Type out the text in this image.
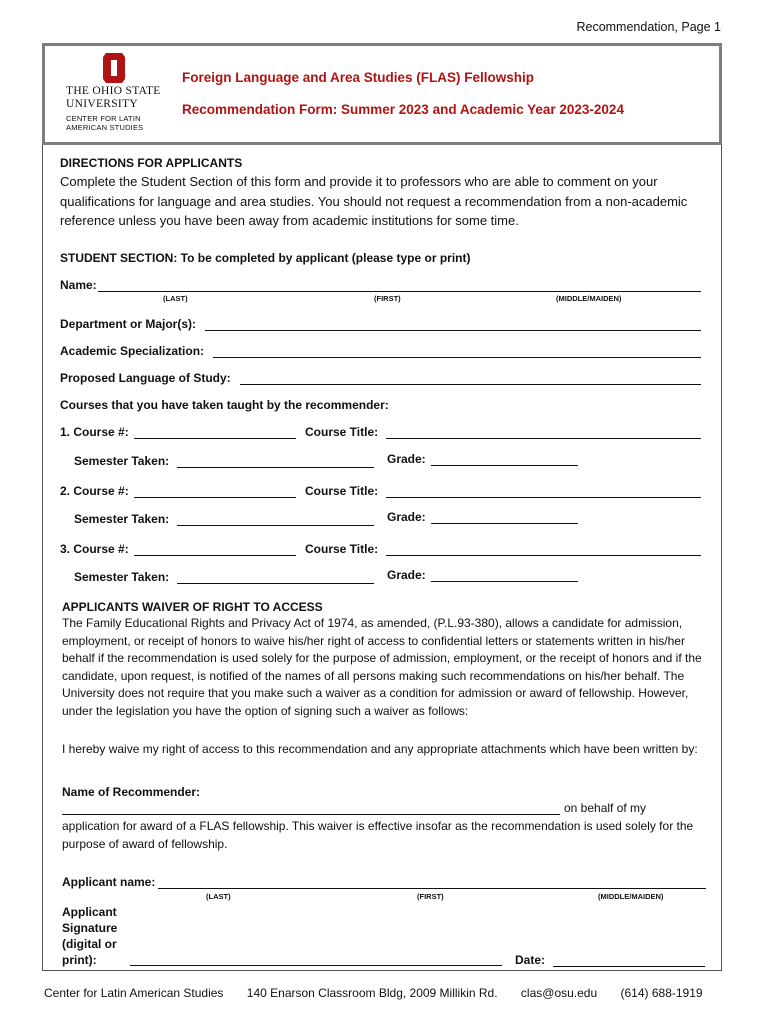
Recommendation, Page 1
THE OHIO STATE
UNIVERSITY
CENTER FOR LATIN
AMERICAN STUDIES
Foreign Language and Area Studies (FLAS) Fellowship
Recommendation Form: Summer 2023 and Academic Year 2023-2024
DIRECTIONS FOR APPLICANTS
Complete the Student Section of this form and provide it to professors who are able to comment on your qualifications for language and area studies. You should not request a recommendation from a non-academic reference unless you have been away from academic institutions for some time.
STUDENT SECTION: To be completed by applicant (please type or print)
Name:
(LAST)	(FIRST)	(MIDDLE/MAIDEN)
Department or Major(s):
Academic Specialization:
Proposed Language of Study:
Courses that you have taken taught by the recommender:
1. Course #:	Course Title:
Semester Taken:	Grade:
2. Course #:	Course Title:
Semester Taken:	Grade:
3. Course #:	Course Title:
Semester Taken:	Grade:
APPLICANTS WAIVER OF RIGHT TO ACCESS
The Family Educational Rights and Privacy Act of 1974, as amended, (P.L.93-380), allows a candidate for admission, employment, or receipt of honors to waive his/her right of access to confidential letters or statements written in his/her behalf if the recommendation is used solely for the purpose of admission, employment, or the receipt of honors and if the candidate, upon request, is notified of the names of all persons making such recommendations on his/her behalf. The University does not require that you make such a waiver as a condition for admission or award of fellowship. However, under the legislation you have the option of signing such a waiver as follows:
I hereby waive my right of access to this recommendation and any appropriate attachments which have been written by:
Name of Recommender:
on behalf of my
application for award of a FLAS fellowship. This waiver is effective insofar as the recommendation is used solely for the purpose of award of fellowship.
Applicant name:
(LAST)	(FIRST)	(MIDDLE/MAIDEN)
Applicant Signature (digital or print):	Date:
Center for Latin American Studies 140 Enarson Classroom Bldg, 2009 Millikin Rd. clas@osu.edu (614) 688-1919
